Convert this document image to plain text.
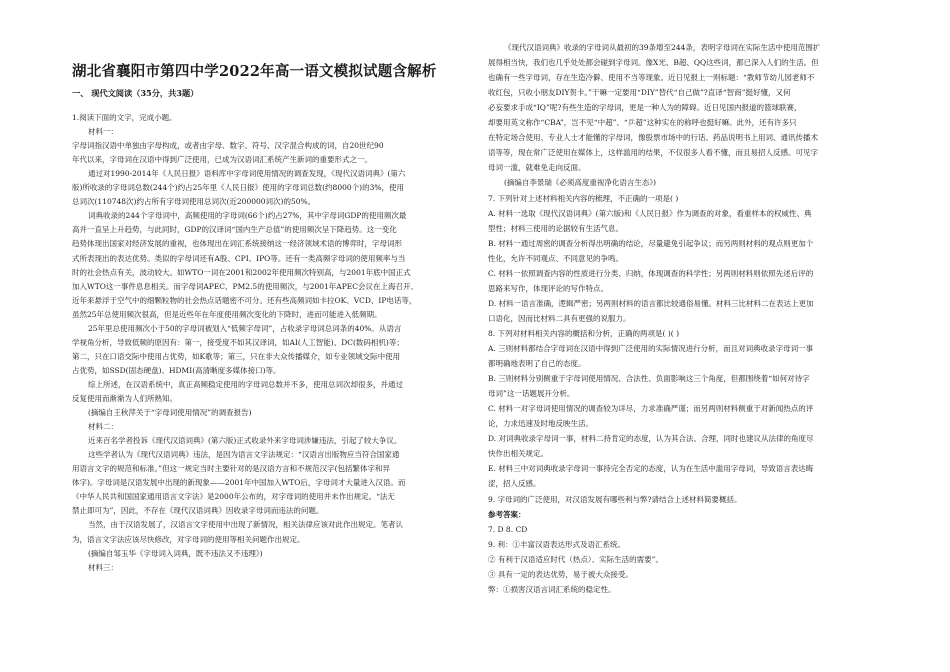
湖北省襄阳市第四中学2022年高一语文模拟试题含解析
一、 现代文阅读（35分，共3题）
1.阅读下面的文字，完成小题。
材料一：
字母词指汉语中单独由字母构成，或者由字母、数字、符号、汉字混合构成的词，自20世纪90
年代以来，字母词在汉语中得到广泛使用，已成为汉语词汇系统产生新词的重要形式之一。
通过对1990-2014年《人民日报》语料库中字母词使用情况的调查发现，《现代汉语词典》(第六
版)所收录的字母词总数(244个)约占25年里《人民日报》使用的字母词总数(约8000个)的3%，使用
总词次(110748次)约占所有字母词使用总词次(近200000词次)的50%。
词典收录的244个字母词中，高频使用的字母词(66个)约占27%，其中字母词GDP的使用频次最
高并一直呈上升趋势，与此同时，GDP的汉译词“国内生产总值”的使用频次呈下降趋势。这一变化
趋势体现出国家对经济发展的重视，也体现出在词汇系统接纳这一经济领域术语的博弈时，字母词形
式所表现出的表达优势。类似的字母词还有A股、CPI、IPO等。还有一类高频字母词的使用频率与当
时的社会热点有关，波动较大。如WTO一词在2001和2002年使用频次特别高，与2001年底中国正式
加入WTO这一事件息息相关。而字母词APEC、PM2.5的使用频次，与2001年APEC会议在上海召开、
近年来悬浮于空气中的细颗粒物的社会热点话题密不可分。还有些高频词如卡拉OK、VCD、IP电话等，
虽然25年总使用频次很高，但是近些年在年度使用频次变化的下降时，进而可能进入低频期。
25年里总使用频次小于50的字母词被划入“低频字母词”，占收录字母词总词条的40%。从语言
学视角分析，导致低频的原因有：第一，接受度不如其汉译词，如AI(人工智能)、DC(数码相机)等；
第二，只在口语交际中使用占优势，如K歌等；第三，只在非大众传播媒介，如专业领域交际中使用
占优势，如SSD(固态硬盘)、HDMI(高清晰度多媒体接口)等。
综上所述，在汉语系统中，真正高频稳定使用的字母词总数并不多，使用总词次却很多，并通过
反复使用而渐渐为人们所熟知。
(摘编自王秋萍关于“字母词使用情况”的调查报告)
材料二：
近来百名学者投诉《现代汉语词典》(第六版)正式收录外来字母词涉嫌违法，引起了较大争议。
这些学者认为《现代汉语词典》违法，是因为语言文字法规定：“汉语言出版物应当符合国家通
用语言文字的规范和标准。”但这一规定当时主要针对的是汉语方言和不规范汉字(包括繁体字和异
体字)。字母词是汉语发展中出现的新现象——2001年中国加入WTO后，字母词才大量进入汉语。而
《中华人民共和国国家通用语言文字法》是2000年公布的，对字母词的使用并未作出规定。“法无
禁止即可为”，因此，不存在《现代汉语词典》因收录字母词而违法的问题。
当然，由于汉语发展了，汉语言文字使用中出现了新情况，相关法律应该对此作出规定。笔者认
为，语言文字法应该尽快修改，对字母词的使用等相关问题作出规定。
(摘编自邹玉华《字母词入词典，既不违法又不违理》)
材料三：
《现代汉语词典》收录的字母词从最初的39条增至244条，表明字母词在实际生活中使用范围扩
展得相当快，我们也几乎处处都会碰到字母词。像X光、B超、QQ这些词，都已深入人们的生活。但
也确有一些字母词，存在生造冷僻、使用不当等现象。近日见报上一则标题：“教师节幼儿园老师不
收红包，只收小朋友DIY贺卡。”干嘛一定要用“DIY”替代“自己做”?直译“智商”挺好懂，又何
必妄要求手成“IQ”呢?有些生造的字母词，更是一种人为的障碍。近日见国内报道的篮球联赛，
却要用英文称作“CBA”，岂不见“中超”、“乒超”这种实在的称呼也挺好嘛。此外，还有许多只
在特定场合使用、专业人士才能懂的字母词，像股票市场中的行话、药品说明书上用词、通讯传播术
语等等，现在常广泛使用在媒体上，这样滥用的结果，不仅很多人看不懂，而且易招人反感。可见字
母词一滥，就难免走向反面。
(摘编自李景瑞《必须高度重视净化语言生态》)
7. 下列针对上述材料相关内容的梳理，不正确的一项是( )
A. 材料一选取《现代汉语词典》(第六版)和《人民日报》作为调查的对象，看重样本的权威性、典
型性；材料三使用的论据较有生活气息。
B. 材料一通过周密的调查分析得出明确的结论，尽量避免引起争议；而另两则材料的观点则更加个
性化，允许不同观点、不同意见的争鸣。
C. 材料一依照调查内容的性质进行分类、归纳，体现调查的科学性；另两则材料则依照先述后评的
思路来写作，体现评论的写作特点。
D. 材料一语言准确，逻辑严密；另两则材料的语言都比较通俗易懂。材料三比材料二在表达上更加
口语化，因而比材料二具有更强的说服力。
8. 下列对材料相关内容的概括和分析，正确的两项是( )( )
A. 三则材料都结合字母词在汉语中得到广泛使用的实际情况进行分析，而且对词典收录字母词一事
都明确地表明了自己的态度。
B. 三则材料分别侧重于字母词使用情况、合法性、负面影响这三个角度，但都围绕着“如何对待字
母词”这一话题展开分析。
C. 材料一对字母词使用情况的调查较为详尽，力求准确严谨；而另两则材料侧重于对新闻热点的评
论，力求迅速及时地反映生活。
D. 对词典收录字母词一事，材料二持肯定的态度，认为其合法、合理，同时也建议从法律的角度尽
快作出相关规定。
E. 材料三中对词典收录字母词一事持完全否定的态度，认为在生活中滥用字母词，导致语言表达晦
涩，招人反感。
9. 字母词的广泛使用，对汉语发展有哪些利与弊?请结合上述材料简要概括。
参考答案：
7. D 8. CD
9. 利：①丰富汉语表达形式及语汇系统。
② 有利于汉语适应时代（热点）、实际生活的需要”。
③ 具有一定的表达优势，易于被大众接受。
弊：①损害汉语言词汇系统的稳定性。
